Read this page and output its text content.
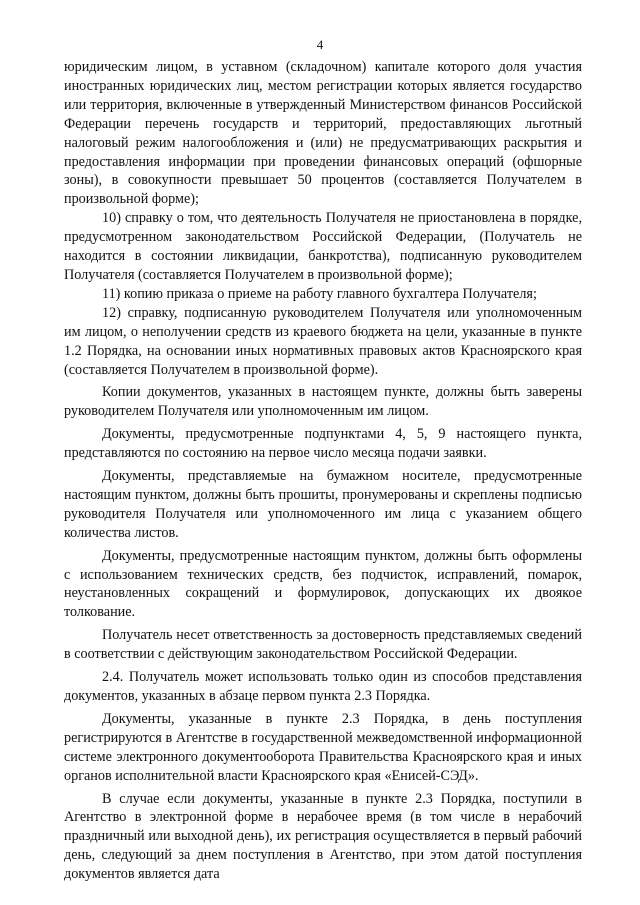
4

юридическим лицом, в уставном (складочном) капитале которого доля участия иностранных юридических лиц, местом регистрации которых является государство или территория, включенные в утвержденный Министерством финансов Российской Федерации перечень государств и территорий, предоставляющих льготный налоговый режим налогообложения и (или) не предусматривающих раскрытия и предоставления информации при проведении финансовых операций (офшорные зоны), в совокупности превышает 50 процентов (составляется Получателем в произвольной форме);

10) справку о том, что деятельность Получателя не приостановлена в порядке, предусмотренном законодательством Российской Федерации, (Получатель не находится в состоянии ликвидации, банкротства), подписанную руководителем Получателя (составляется Получателем в произвольной форме);

11) копию приказа о приеме на работу главного бухгалтера Получателя;

12) справку, подписанную руководителем Получателя или уполномоченным им лицом, о неполучении средств из краевого бюджета на цели, указанные в пункте 1.2 Порядка, на основании иных нормативных правовых актов Красноярского края (составляется Получателем в произвольной форме).

Копии документов, указанных в настоящем пункте, должны быть заверены руководителем Получателя или уполномоченным им лицом.

Документы, предусмотренные подпунктами 4, 5, 9 настоящего пункта, представляются по состоянию на первое число месяца подачи заявки.

Документы, представляемые на бумажном носителе, предусмотренные настоящим пунктом, должны быть прошиты, пронумерованы и скреплены подписью руководителя Получателя или уполномоченного им лица с указанием общего количества листов.

Документы, предусмотренные настоящим пунктом, должны быть оформлены с использованием технических средств, без подчисток, исправлений, помарок, неустановленных сокращений и формулировок, допускающих их двоякое толкование.

Получатель несет ответственность за достоверность представляемых сведений в соответствии с действующим законодательством Российской Федерации.

2.4. Получатель может использовать только один из способов представления документов, указанных в абзаце первом пункта 2.3 Порядка.

Документы, указанные в пункте 2.3 Порядка, в день поступления регистрируются в Агентстве в государственной межведомственной информационной системе электронного документооборота Правительства Красноярского края и иных органов исполнительной власти Красноярского края «Енисей-СЭД».

В случае если документы, указанные в пункте 2.3 Порядка, поступили в Агентство в электронной форме в нерабочее время (в том числе в нерабочий праздничный или выходной день), их регистрация осуществляется в первый рабочий день, следующий за днем поступления в Агентство, при этом датой поступления документов является дата
